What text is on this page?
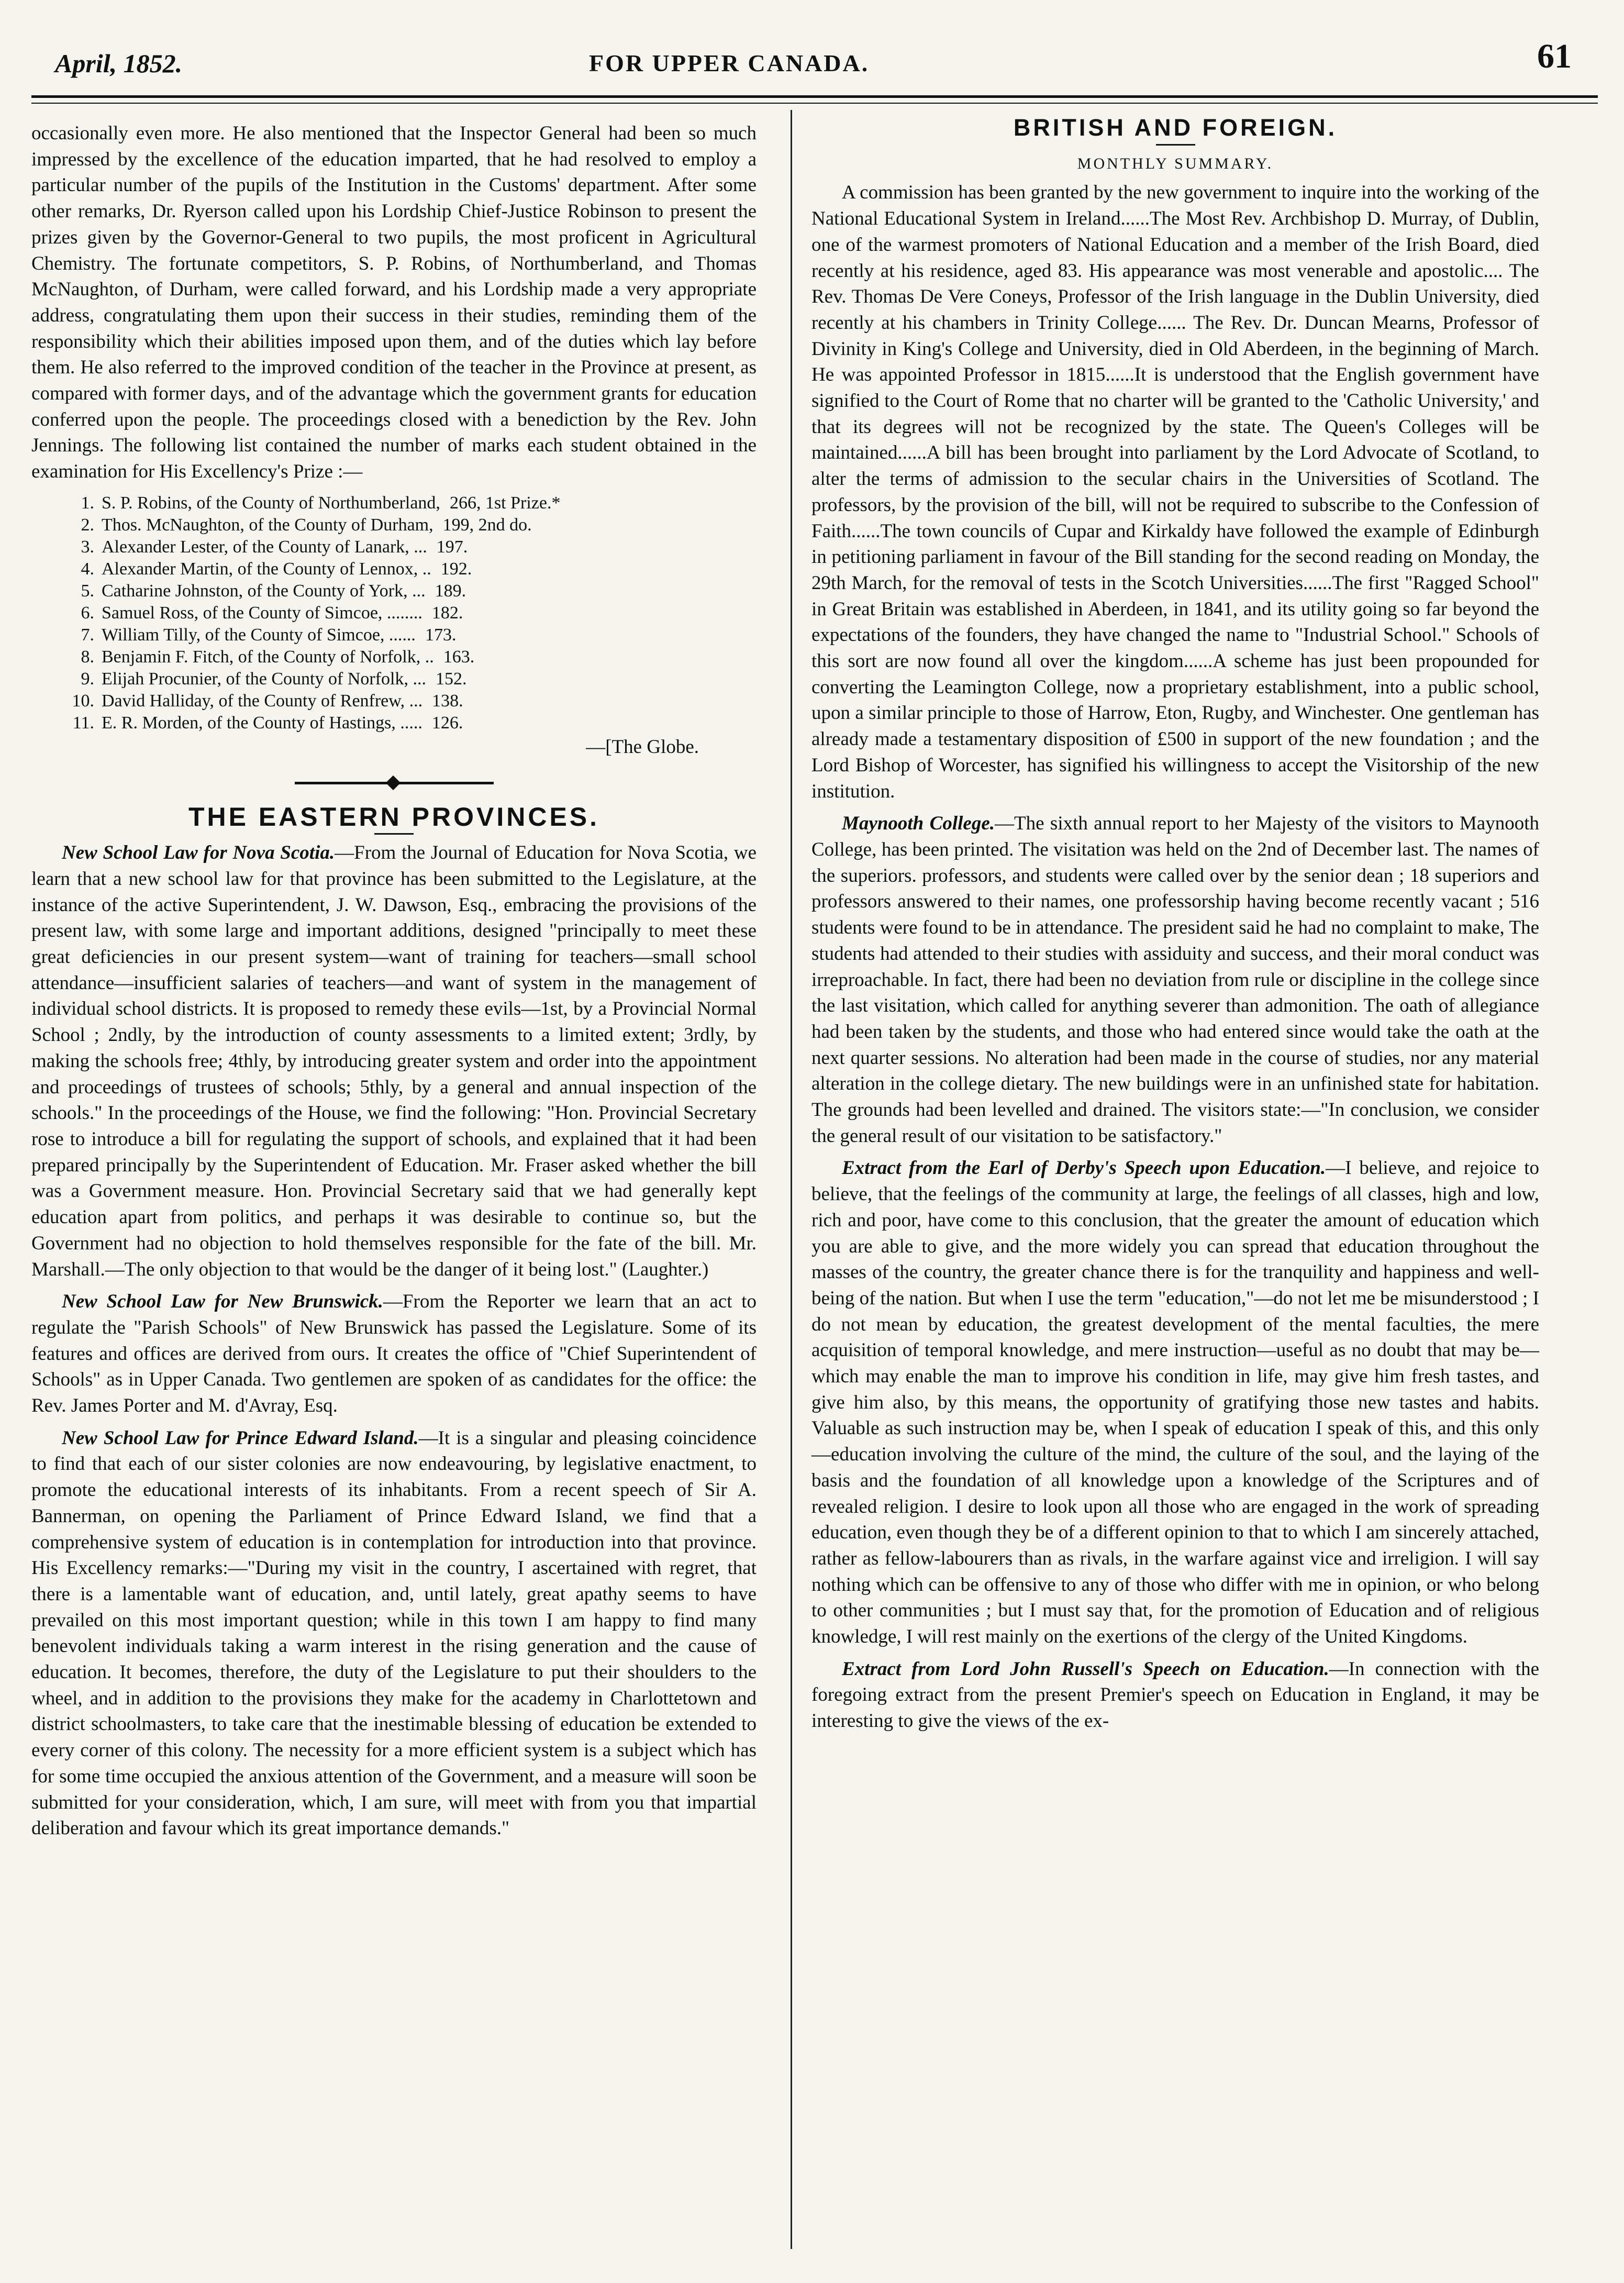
April, 1852.	FOR UPPER CANADA.	61

occasionally even more. He also mentioned that the Inspector General had been so much impressed by the excellence of the education imparted, that he had resolved to employ a particular number of the pupils of the Institution in the Customs' department. After some other remarks, Dr. Ryerson called upon his Lordship Chief-Justice Robinson to present the prizes given by the Governor-General to two pupils, the most proficent in Agricultural Chemistry. The fortunate competitors, S. P. Robins, of Northumberland, and Thomas McNaughton, of Durham, were called forward, and his Lordship made a very appropriate address, congratulating them upon their success in their studies, reminding them of the responsibility which their abilities imposed upon them, and of the duties which lay before them. He also referred to the improved condition of the teacher in the Province at present, as compared with former days, and of the advantage which the government grants for education conferred upon the people. The proceedings closed with a benediction by the Rev. John Jennings. The following list contained the number of marks each student obtained in the examination for His Excellency's Prize :—

1. S. P. Robins, of the County of Northumberland, 266, 1st Prize.*
2. Thos. McNaughton, of the County of Durham, 199, 2nd do.
3. Alexander Lester, of the County of Lanark, ... 197.
4. Alexander Martin, of the County of Lennox, .. 192.
5. Catharine Johnston, of the County of York, ... 189.
6. Samuel Ross, of the County of Simcoe, ........ 182.
7. William Tilly, of the County of Simcoe, ...... 173.
8. Benjamin F. Fitch, of the County of Norfolk, .. 163.
9. Elijah Procunier, of the County of Norfolk, ... 152.
10. David Halliday, of the County of Renfrew, ... 138.
11. E. R. Morden, of the County of Hastings, ..... 126.
—[The Globe.
THE EASTERN PROVINCES.

New School Law for Nova Scotia.—From the Journal of Education for Nova Scotia, we learn that a new school law for that province has been submitted to the Legislature, at the instance of the active Superintendent, J. W. Dawson, Esq., embracing the provisions of the present law, with some large and important additions, designed "principally to meet these great deficiencies in our present system—want of training for teachers—small school attendance—insufficient salaries of teachers—and want of system in the management of individual school districts. It is proposed to remedy these evils—1st, by a Provincial Normal School ; 2ndly, by the introduction of county assessments to a limited extent; 3rdly, by making the schools free; 4thly, by introducing greater system and order into the appointment and proceedings of trustees of schools; 5thly, by a general and annual inspection of the schools." In the proceedings of the House, we find the following: "Hon. Provincial Secretary rose to introduce a bill for regulating the support of schools, and explained that it had been prepared principally by the Superintendent of Education. Mr. Fraser asked whether the bill was a Government measure. Hon. Provincial Secretary said that we had generally kept education apart from politics, and perhaps it was desirable to continue so, but the Government had no objection to hold themselves responsible for the fate of the bill. Mr. Marshall.—The only objection to that would be the danger of it being lost." (Laughter.)

New School Law for New Brunswick.—From the Reporter we learn that an act to regulate the "Parish Schools" of New Brunswick has passed the Legislature. Some of its features and offices are derived from ours. It creates the office of "Chief Superintendent of Schools" as in Upper Canada. Two gentlemen are spoken of as candidates for the office: the Rev. James Porter and M. d'Avray, Esq.

New School Law for Prince Edward Island.—It is a singular and pleasing coincidence to find that each of our sister colonies are now endeavouring, by legislative enactment, to promote the educational interests of its inhabitants. From a recent speech of Sir A. Bannerman, on opening the Parliament of Prince Edward Island, we find that a comprehensive system of education is in contemplation for introduction into that province. His Excellency remarks:—"During my visit in the country, I ascertained with regret, that there is a lamentable want of education, and, until lately, great apathy seems to have prevailed on this most important question; while in this town I am happy to find many benevolent individuals taking a warm interest in the rising generation and the cause of education. It becomes, therefore, the duty of the Legislature to put their shoulders to the wheel, and in addition to the provisions they make for the academy in Charlottetown and district schoolmasters, to take care that the inestimable blessing of education be extended to every corner of this colony. The necessity for a more efficient system is a subject which has for some time occupied the anxious attention of the Government, and a measure will soon be submitted for your consideration, which, I am sure, will meet with from you that impartial deliberation and favour which its great importance demands."

BRITISH AND FOREIGN.
MONTHLY SUMMARY.

A commission has been granted by the new government to inquire into the working of the National Educational System in Ireland......The Most Rev. Archbishop D. Murray, of Dublin, one of the warmest promoters of National Education and a member of the Irish Board, died recently at his residence, aged 83. His appearance was most venerable and apostolic.... The Rev. Thomas De Vere Coneys, Professor of the Irish language in the Dublin University, died recently at his chambers in Trinity College...... The Rev. Dr. Duncan Mearns, Professor of Divinity in King's College and University, died in Old Aberdeen, in the beginning of March. He was appointed Professor in 1815......It is understood that the English government have signified to the Court of Rome that no charter will be granted to the 'Catholic University,' and that its degrees will not be recognized by the state. The Queen's Colleges will be maintained......A bill has been brought into parliament by the Lord Advocate of Scotland, to alter the terms of admission to the secular chairs in the Universities of Scotland. The professors, by the provision of the bill, will not be required to subscribe to the Confession of Faith......The town councils of Cupar and Kirkaldy have followed the example of Edinburgh in petitioning parliament in favour of the Bill standing for the second reading on Monday, the 29th March, for the removal of tests in the Scotch Universities......The first "Ragged School" in Great Britain was established in Aberdeen, in 1841, and its utility going so far beyond the expectations of the founders, they have changed the name to "Industrial School." Schools of this sort are now found all over the kingdom......A scheme has just been propounded for converting the Leamington College, now a proprietary establishment, into a public school, upon a similar principle to those of Harrow, Eton, Rugby, and Winchester. One gentleman has already made a testamentary disposition of £500 in support of the new foundation ; and the Lord Bishop of Worcester, has signified his willingness to accept the Visitorship of the new institution.

Maynooth College.—The sixth annual report to her Majesty of the visitors to Maynooth College, has been printed. The visitation was held on the 2nd of December last. The names of the superiors. professors, and students were called over by the senior dean ; 18 superiors and professors answered to their names, one professorship having become recently vacant ; 516 students were found to be in attendance. The president said he had no complaint to make, The students had attended to their studies with assiduity and success, and their moral conduct was irreproachable. In fact, there had been no deviation from rule or discipline in the college since the last visitation, which called for anything severer than admonition. The oath of allegiance had been taken by the students, and those who had entered since would take the oath at the next quarter sessions. No alteration had been made in the course of studies, nor any material alteration in the college dietary. The new buildings were in an unfinished state for habitation. The grounds had been levelled and drained. The visitors state:—"In conclusion, we consider the general result of our visitation to be satisfactory."

Extract from the Earl of Derby's Speech upon Education.—I believe, and rejoice to believe, that the feelings of the community at large, the feelings of all classes, high and low, rich and poor, have come to this conclusion, that the greater the amount of education which you are able to give, and the more widely you can spread that education throughout the masses of the country, the greater chance there is for the tranquility and happiness and well-being of the nation. But when I use the term "education,"—do not let me be misunderstood ; I do not mean by education, the greatest development of the mental faculties, the mere acquisition of temporal knowledge, and mere instruction—useful as no doubt that may be—which may enable the man to improve his condition in life, may give him fresh tastes, and give him also, by this means, the opportunity of gratifying those new tastes and habits. Valuable as such instruction may be, when I speak of education I speak of this, and this only—education involving the culture of the mind, the culture of the soul, and the laying of the basis and the foundation of all knowledge upon a knowledge of the Scriptures and of revealed religion. I desire to look upon all those who are engaged in the work of spreading education, even though they be of a different opinion to that to which I am sincerely attached, rather as fellow-labourers than as rivals, in the warfare against vice and irreligion. I will say nothing which can be offensive to any of those who differ with me in opinion, or who belong to other communities ; but I must say that, for the promotion of Education and of religious knowledge, I will rest mainly on the exertions of the clergy of the United Kingdoms.

Extract from Lord John Russell's Speech on Education.—In connection with the foregoing extract from the present Premier's speech on Education in England, it may be interesting to give the views of the ex-
